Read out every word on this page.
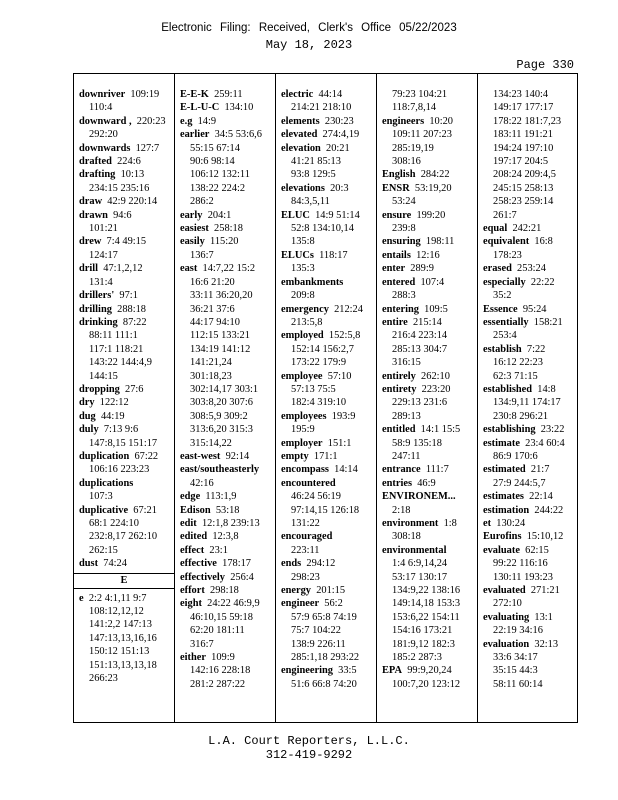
Electronic Filing: Received, Clerk's Office 05/22/2023
May 18, 2023
Page 330
downriver  109:19
110:4
downward ,  220:23
292:20
downwards  127:7
drafted  224:6
drafting  10:13
234:15 235:16
draw  42:9 220:14
drawn  94:6
101:21
drew  7:4 49:15
124:17
drill  47:1,2,12
131:4
drillers'  97:1
drilling  288:18
drinking  87:22
88:11 111:1
117:1 118:21
143:22 144:4,9
144:15
dropping  27:6
dry  122:12
dug  44:19
duly  7:13 9:6
147:8,15 151:17
duplication  67:22
106:16 223:23
duplications
107:3
duplicative  67:21
68:1 224:10
232:8,17 262:10
262:15
dust  74:24
E
e  2:2 4:1,11 9:7
108:12,12,12
141:2,2 147:13
147:13,13,16,16
150:12 151:13
151:13,13,13,18
266:23
E-E-K  259:11
E-L-U-C  134:10
e.g  14:9
earlier  34:5 53:6,6
55:15 67:14
90:6 98:14
106:12 132:11
138:22 224:2
286:2
early  204:1
easiest  258:18
easily  115:20
136:7
east  14:7,22 15:2
16:6 21:20
33:11 36:20,20
36:21 37:6
44:17 94:10
112:15 133:21
134:19 141:12
141:21,24
301:18,23
302:14,17 303:1
303:8,20 307:6
308:5,9 309:2
313:6,20 315:3
315:14,22
east-west  92:14
east/southeasterly
42:16
edge  113:1,9
Edison  53:18
edit  12:1,8 239:13
edited  12:3,8
effect  23:1
effective  178:17
effectively  256:4
effort  298:18
eight  24:22 46:9,9
46:10,15 59:18
62:20 181:11
316:7
either  109:9
142:16 228:18
281:2 287:22
electric  44:14
214:21 218:10
elements  230:23
elevated  274:4,19
elevation  20:21
41:21 85:13
93:8 129:5
elevations  20:3
84:3,5,11
ELUC  14:9 51:14
52:8 134:10,14
135:8
ELUCs  118:17
135:3
embankments
209:8
emergency  212:24
213:5,8
employed  152:5,8
152:14 156:2,7
173:22 179:9
employee  57:10
57:13 75:5
182:4 319:10
employees  193:9
195:9
employer  151:1
empty  171:1
encompass  14:14
encountered
46:24 56:19
97:14,15 126:18
131:22
encouraged
223:11
ends  294:12
298:23
energy  201:15
engineer  56:2
57:9 65:8 74:19
75:7 104:22
138:9 226:11
285:1,18 293:22
engineering  33:5
51:6 66:8 74:20
79:23 104:21
118:7,8,14
engineers  10:20
109:11 207:23
285:19,19
308:16
English  284:22
ENSR  53:19,20
53:24
ensure  199:20
239:8
ensuring  198:11
entails  12:16
enter  289:9
entered  107:4
288:3
entering  109:5
entire  215:14
216:4 223:14
285:13 304:7
316:15
entirely  262:10
entirety  223:20
229:13 231:6
289:13
entitled  14:1 15:5
58:9 135:18
247:11
entrance  111:7
entries  46:9
ENVIRONEM...
2:18
environment  1:8
308:18
environmental
1:4 6:9,14,24
53:17 130:17
134:9,22 138:16
149:14,18 153:3
153:6,22 154:11
154:16 173:21
181:9,12 182:3
185:2 287:3
EPA  99:9,20,24
100:7,20 123:12
134:23 140:4
149:17 177:17
178:22 181:7,23
183:11 191:21
194:24 197:10
197:17 204:5
208:24 209:4,5
245:15 258:13
258:23 259:14
261:7
equal  242:21
equivalent  16:8
178:23
erased  253:24
especially  22:22
35:2
Essence  95:24
essentially  158:21
253:4
establish  7:22
16:12 22:23
62:3 71:15
established  14:8
134:9,11 174:17
230:8 296:21
establishing  23:22
estimate  23:4 60:4
86:9 170:6
estimated  21:7
27:9 244:5,7
estimates  22:14
estimation  244:22
et  130:24
Eurofins  15:10,12
evaluate  62:15
99:22 116:16
130:11 193:23
evaluated  271:21
272:10
evaluating  13:1
22:19 34:16
evaluation  32:13
33:6 34:17
35:15 44:3
58:11 60:14
L.A. Court Reporters, L.L.C.
312-419-9292
